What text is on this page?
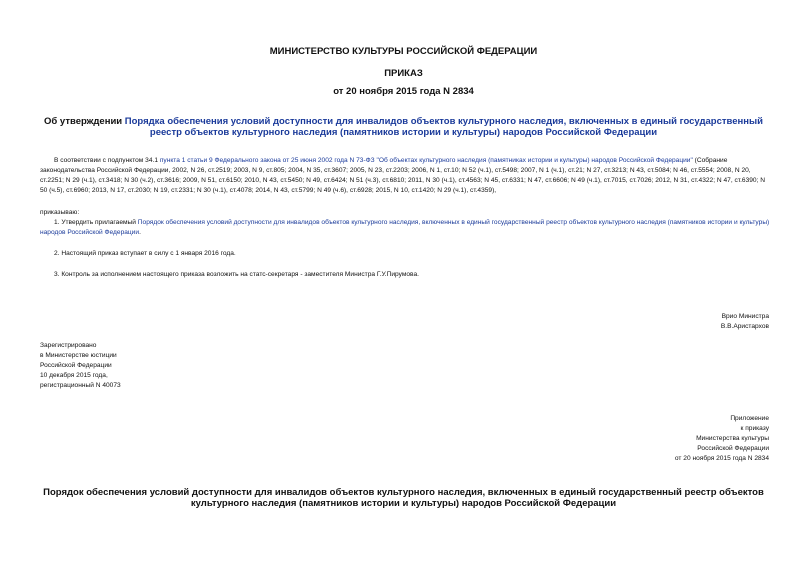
МИНИСТЕРСТВО КУЛЬТУРЫ РОССИЙСКОЙ ФЕДЕРАЦИИ
ПРИКАЗ
от 20 ноября 2015 года N 2834
Об утверждении Порядка обеспечения условий доступности для инвалидов объектов культурного наследия, включенных в единый государственный реестр объектов культурного наследия (памятников истории и культуры) народов Российской Федерации
В соответствии с подпунктом 34.1 пункта 1 статьи 9 Федерального закона от 25 июня 2002 года N 73-ФЗ "Об объектах культурного наследия (памятниках истории и культуры) народов Российской Федерации" (Собрание законодательства Российской Федерации, 2002, N 26, ст.2519; 2003, N 9, ст.805; 2004, N 35, ст.3607; 2005, N 23, ст.2203; 2006, N 1, ст.10; N 52 (ч.1), ст.5498; 2007, N 1 (ч.1), ст.21; N 27, ст.3213; N 43, ст.5084; N 46, ст.5554; 2008, N 20, ст.2251; N 29 (ч.1), ст.3418; N 30 (ч.2), ст.3616; 2009, N 51, ст.6150; 2010, N 43, ст.5450; N 49, ст.6424; N 51 (ч.3), ст.6810; 2011, N 30 (ч.1), ст.4563; N 45, ст.6331; N 47, ст.6606; N 49 (ч.1), ст.7015, ст.7026; 2012, N 31, ст.4322; N 47, ст.6390; N 50 (ч.5), ст.6960; 2013, N 17, ст.2030; N 19, ст.2331; N 30 (ч.1), ст.4078; 2014, N 43, ст.5799; N 49 (ч.6), ст.6928; 2015, N 10, ст.1420; N 29 (ч.1), ст.4359),
приказываю:
1. Утвердить прилагаемый Порядок обеспечения условий доступности для инвалидов объектов культурного наследия, включенных в единый государственный реестр объектов культурного наследия (памятников истории и культуры) народов Российской Федерации.
2. Настоящий приказ вступает в силу с 1 января 2016 года.
3. Контроль за исполнением настоящего приказа возложить на статс-секретаря - заместителя Министра Г.У.Пирумова.
Врио Министра
В.В.Аристархов
Зарегистрировано
в Министерстве юстиции
Российской Федерации
10 декабря 2015 года,
регистрационный N 40073
Приложение
к приказу
Министерства культуры
Российской Федерации
от 20 ноября 2015 года N 2834
Порядок обеспечения условий доступности для инвалидов объектов культурного наследия, включенных в единый государственный реестр объектов культурного наследия (памятников истории и культуры) народов Российской Федерации
